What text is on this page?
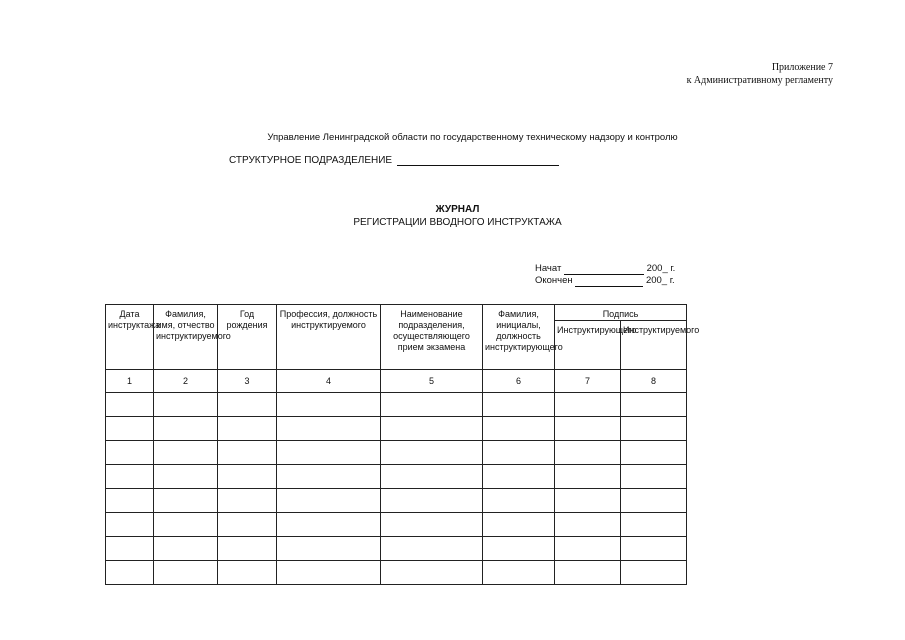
Приложение 7
к Административному регламенту
Управление Ленинградской области по государственному техническому надзору и контролю
СТРУКТУРНОЕ ПОДРАЗДЕЛЕНИЕ
ЖУРНАЛ
РЕГИСТРАЦИИ ВВОДНОГО ИНСТРУКТАЖА
Начат	200_ г.
Окончен	200_ г.
Дата инструктажа	Фамилия, имя, отчество инструктируемого	Год рождения	Профессия, должность инструктируемого	Наименование подразделения, осуществляющего прием экзамена	Фамилия, инициалы, должность инструктирующего	Подпись	
						Инструктирующего	Инструктируемого
1	2	3	4	5	6	7	8
